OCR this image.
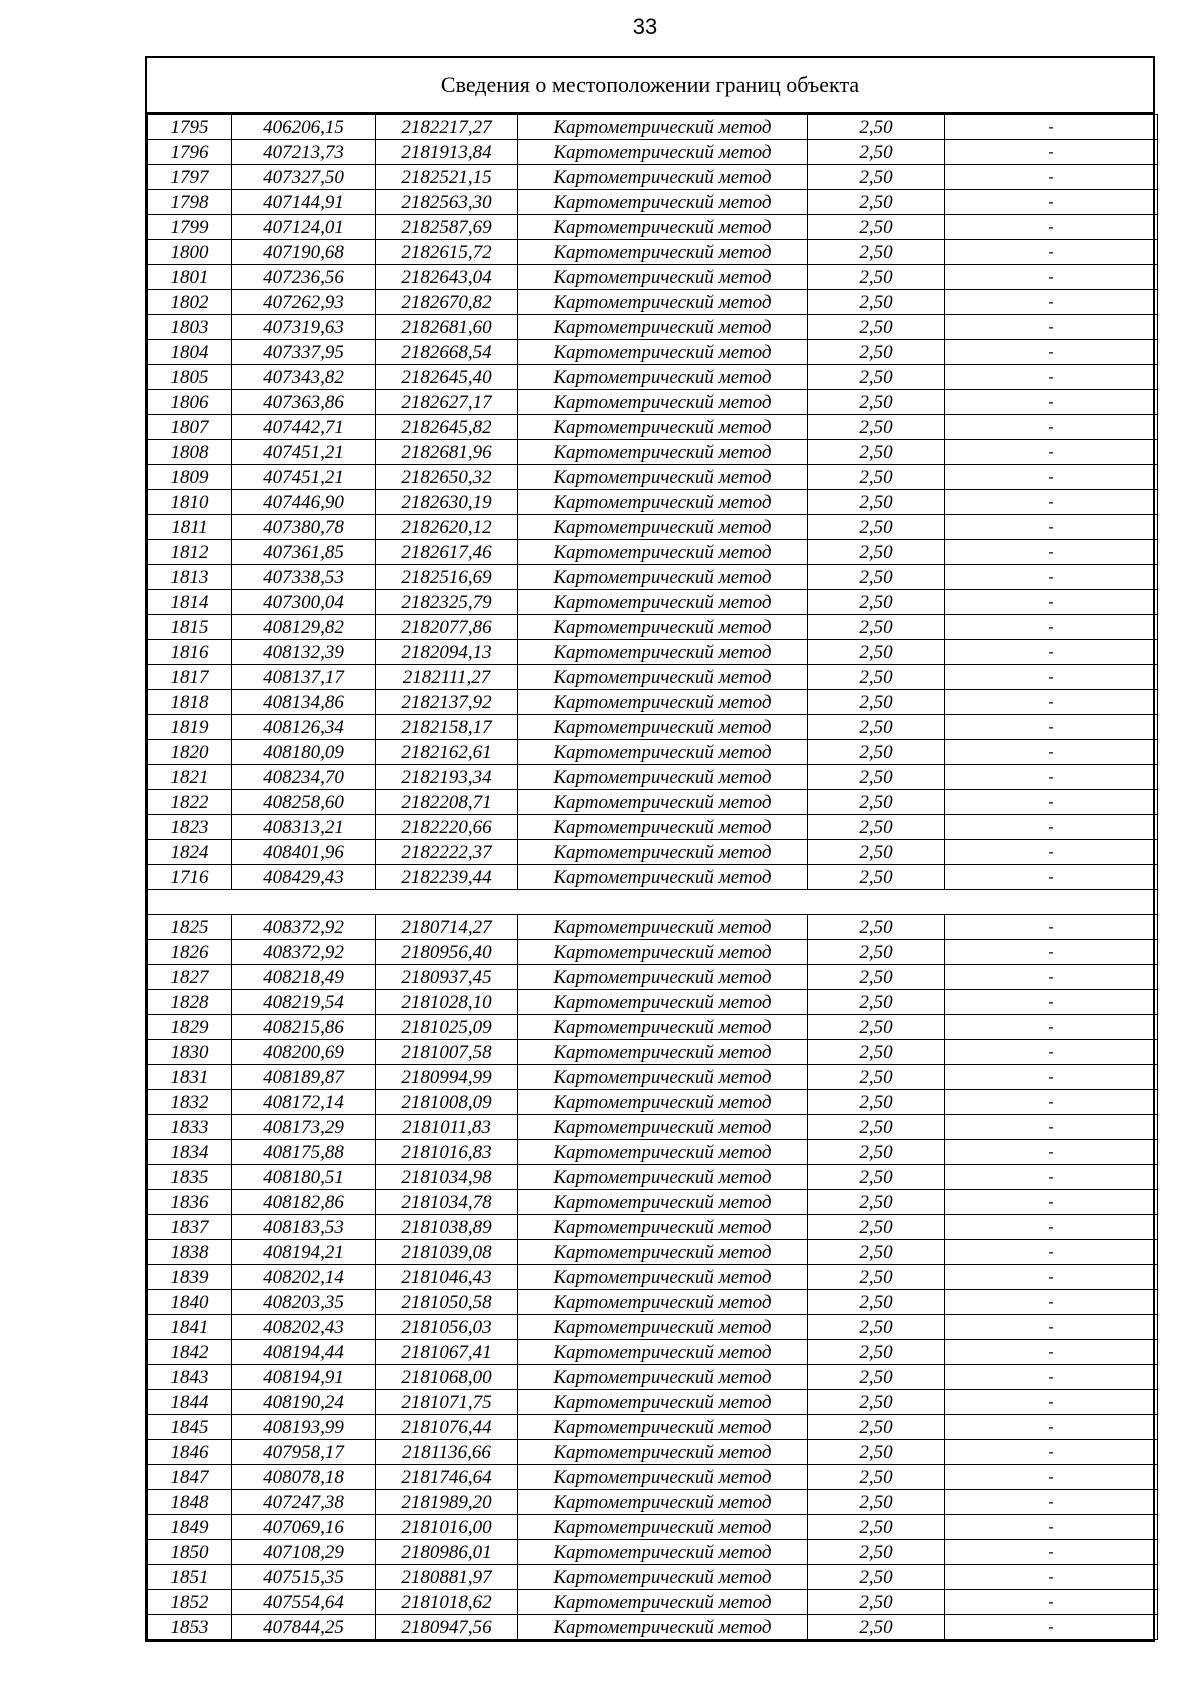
33
Сведения о местоположении границ объекта
1795	406206,15	2182217,27	Картометрический метод	2,50	-
1796	407213,73	2181913,84	Картометрический метод	2,50	-
1797	407327,50	2182521,15	Картометрический метод	2,50	-
1798	407144,91	2182563,30	Картометрический метод	2,50	-
1799	407124,01	2182587,69	Картометрический метод	2,50	-
1800	407190,68	2182615,72	Картометрический метод	2,50	-
1801	407236,56	2182643,04	Картометрический метод	2,50	-
1802	407262,93	2182670,82	Картометрический метод	2,50	-
1803	407319,63	2182681,60	Картометрический метод	2,50	-
1804	407337,95	2182668,54	Картометрический метод	2,50	-
1805	407343,82	2182645,40	Картометрический метод	2,50	-
1806	407363,86	2182627,17	Картометрический метод	2,50	-
1807	407442,71	2182645,82	Картометрический метод	2,50	-
1808	407451,21	2182681,96	Картометрический метод	2,50	-
1809	407451,21	2182650,32	Картометрический метод	2,50	-
1810	407446,90	2182630,19	Картометрический метод	2,50	-
1811	407380,78	2182620,12	Картометрический метод	2,50	-
1812	407361,85	2182617,46	Картометрический метод	2,50	-
1813	407338,53	2182516,69	Картометрический метод	2,50	-
1814	407300,04	2182325,79	Картометрический метод	2,50	-
1815	408129,82	2182077,86	Картометрический метод	2,50	-
1816	408132,39	2182094,13	Картометрический метод	2,50	-
1817	408137,17	2182111,27	Картометрический метод	2,50	-
1818	408134,86	2182137,92	Картометрический метод	2,50	-
1819	408126,34	2182158,17	Картометрический метод	2,50	-
1820	408180,09	2182162,61	Картометрический метод	2,50	-
1821	408234,70	2182193,34	Картометрический метод	2,50	-
1822	408258,60	2182208,71	Картометрический метод	2,50	-
1823	408313,21	2182220,66	Картометрический метод	2,50	-
1824	408401,96	2182222,37	Картометрический метод	2,50	-
1716	408429,43	2182239,44	Картометрический метод	2,50	-

1825	408372,92	2180714,27	Картометрический метод	2,50	-
1826	408372,92	2180956,40	Картометрический метод	2,50	-
1827	408218,49	2180937,45	Картометрический метод	2,50	-
1828	408219,54	2181028,10	Картометрический метод	2,50	-
1829	408215,86	2181025,09	Картометрический метод	2,50	-
1830	408200,69	2181007,58	Картометрический метод	2,50	-
1831	408189,87	2180994,99	Картометрический метод	2,50	-
1832	408172,14	2181008,09	Картометрический метод	2,50	-
1833	408173,29	2181011,83	Картометрический метод	2,50	-
1834	408175,88	2181016,83	Картометрический метод	2,50	-
1835	408180,51	2181034,98	Картометрический метод	2,50	-
1836	408182,86	2181034,78	Картометрический метод	2,50	-
1837	408183,53	2181038,89	Картометрический метод	2,50	-
1838	408194,21	2181039,08	Картометрический метод	2,50	-
1839	408202,14	2181046,43	Картометрический метод	2,50	-
1840	408203,35	2181050,58	Картометрический метод	2,50	-
1841	408202,43	2181056,03	Картометрический метод	2,50	-
1842	408194,44	2181067,41	Картометрический метод	2,50	-
1843	408194,91	2181068,00	Картометрический метод	2,50	-
1844	408190,24	2181071,75	Картометрический метод	2,50	-
1845	408193,99	2181076,44	Картометрический метод	2,50	-
1846	407958,17	2181136,66	Картометрический метод	2,50	-
1847	408078,18	2181746,64	Картометрический метод	2,50	-
1848	407247,38	2181989,20	Картометрический метод	2,50	-
1849	407069,16	2181016,00	Картометрический метод	2,50	-
1850	407108,29	2180986,01	Картометрический метод	2,50	-
1851	407515,35	2180881,97	Картометрический метод	2,50	-
1852	407554,64	2181018,62	Картометрический метод	2,50	-
1853	407844,25	2180947,56	Картометрический метод	2,50	-
